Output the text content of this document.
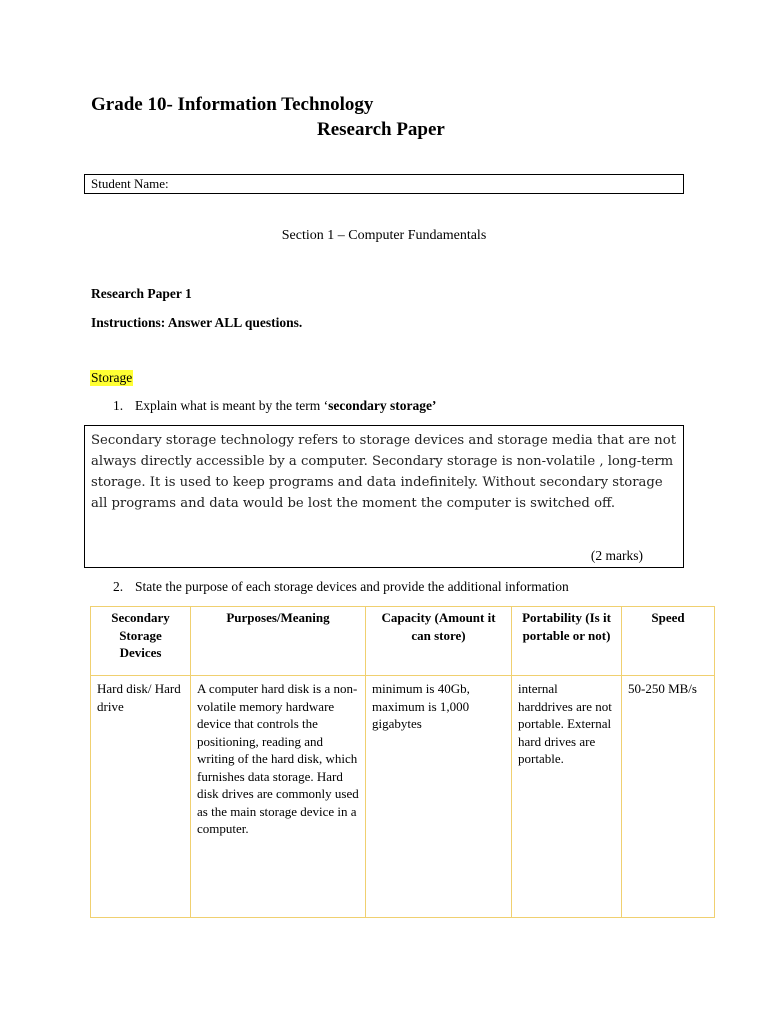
Grade 10- Information Technology
Research Paper
Student Name:
Section 1 – Computer Fundamentals
Research Paper 1
Instructions: Answer ALL questions.
Storage
1. Explain what is meant by the term ‘secondary storage’
Secondary storage technology refers to storage devices and storage media that are not always directly accessible by a computer. Secondary storage is non-volatile , long-term storage. It is used to keep programs and data indefinitely. Without secondary storage all programs and data would be lost the moment the computer is switched off.
(2 marks)
2. State the purpose of each storage devices and provide the additional information
Secondary Storage Devices	Purposes/Meaning	Capacity (Amount it can store)	Portability (Is it portable or not)	Speed
Hard disk/ Hard drive	A computer hard disk is a non-volatile memory hardware device that controls the positioning, reading and writing of the hard disk, which furnishes data storage. Hard disk drives are commonly used as the main storage device in a computer.	minimum is 40Gb, maximum is 1,000 gigabytes	internal harddrives are not portable. External hard drives are portable.	50-250 MB/s
